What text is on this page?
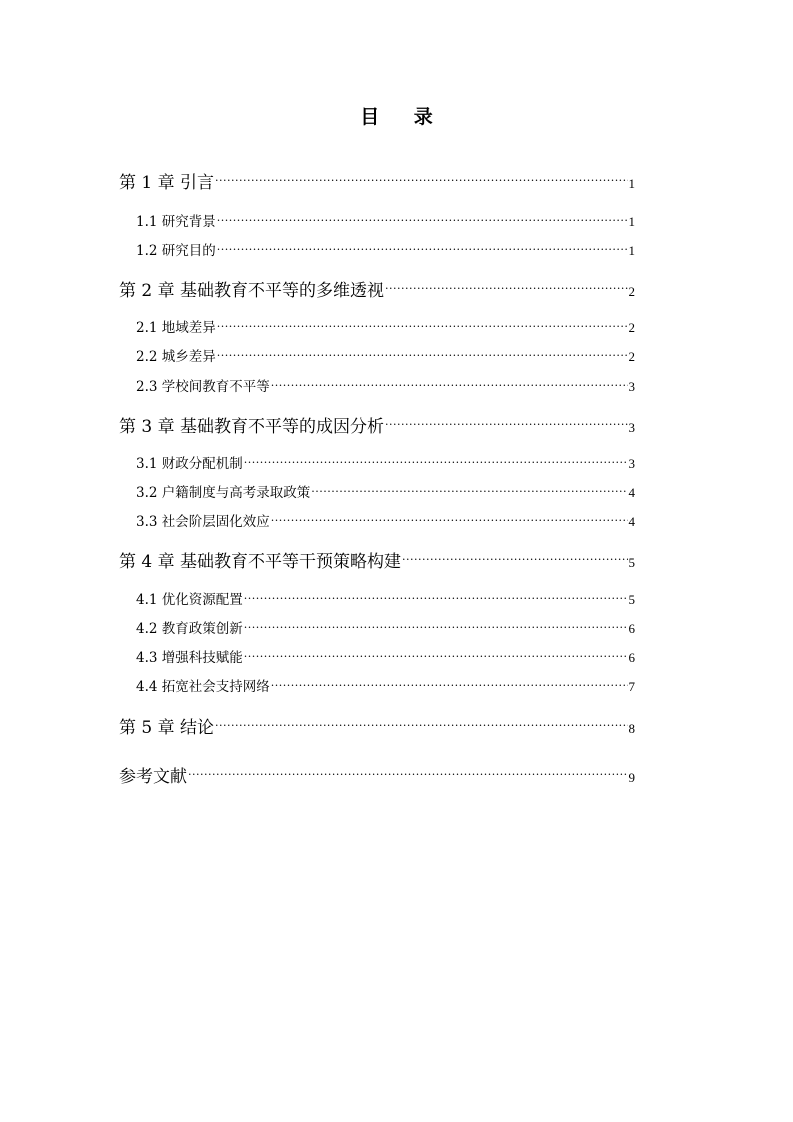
目 录
第 1 章 引言 .....	1
1.1 研究背景 .....	1
1.2 研究目的 .....	1
第 2 章 基础教育不平等的多维透视 .....	2
2.1 地域差异 .....	2
2.2 城乡差异 .....	2
2.3 学校间教育不平等 .....	3
第 3 章 基础教育不平等的成因分析 .....	3
3.1 财政分配机制 .....	3
3.2 户籍制度与高考录取政策 .....	4
3.3 社会阶层固化效应 .....	4
第 4 章 基础教育不平等干预策略构建 .....	5
4.1 优化资源配置 .....	5
4.2 教育政策创新 .....	6
4.3 增强科技赋能 .....	6
4.4 拓宽社会支持网络 .....	7
第 5 章 结论 .....	8
参考文献 .....	9
